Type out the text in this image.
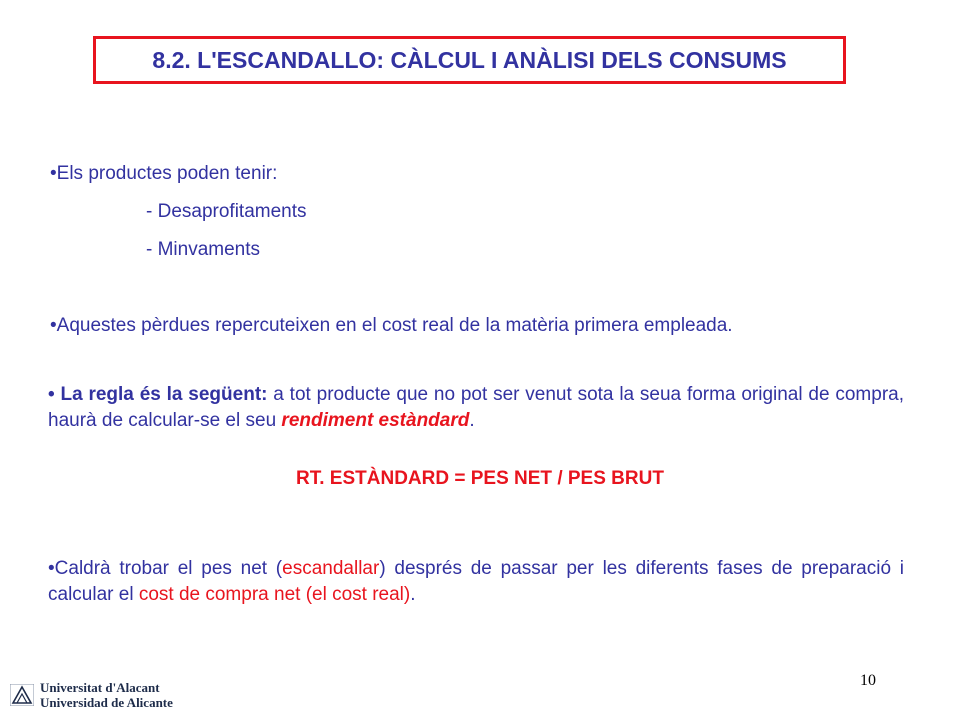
8.2. L'ESCANDALLO: CÀLCUL I ANÀLISI DELS CONSUMS
•Els productes poden tenir:
- Desaprofitaments
- Minvaments
•Aquestes pèrdues repercuteixen en el cost real de la matèria primera empleada.
• La regla és la següent: a tot producte que no pot ser venut sota la seua forma original de compra, haurà de calcular-se el seu rendiment estàndard.
RT. ESTÀNDARD = PES NET / PES BRUT
•Caldrà trobar el pes net (escandallar) després de passar per les diferents fases de preparació i calcular el cost de compra net (el cost real).
10
Universitat d'Alacant
Universidad de Alicante
